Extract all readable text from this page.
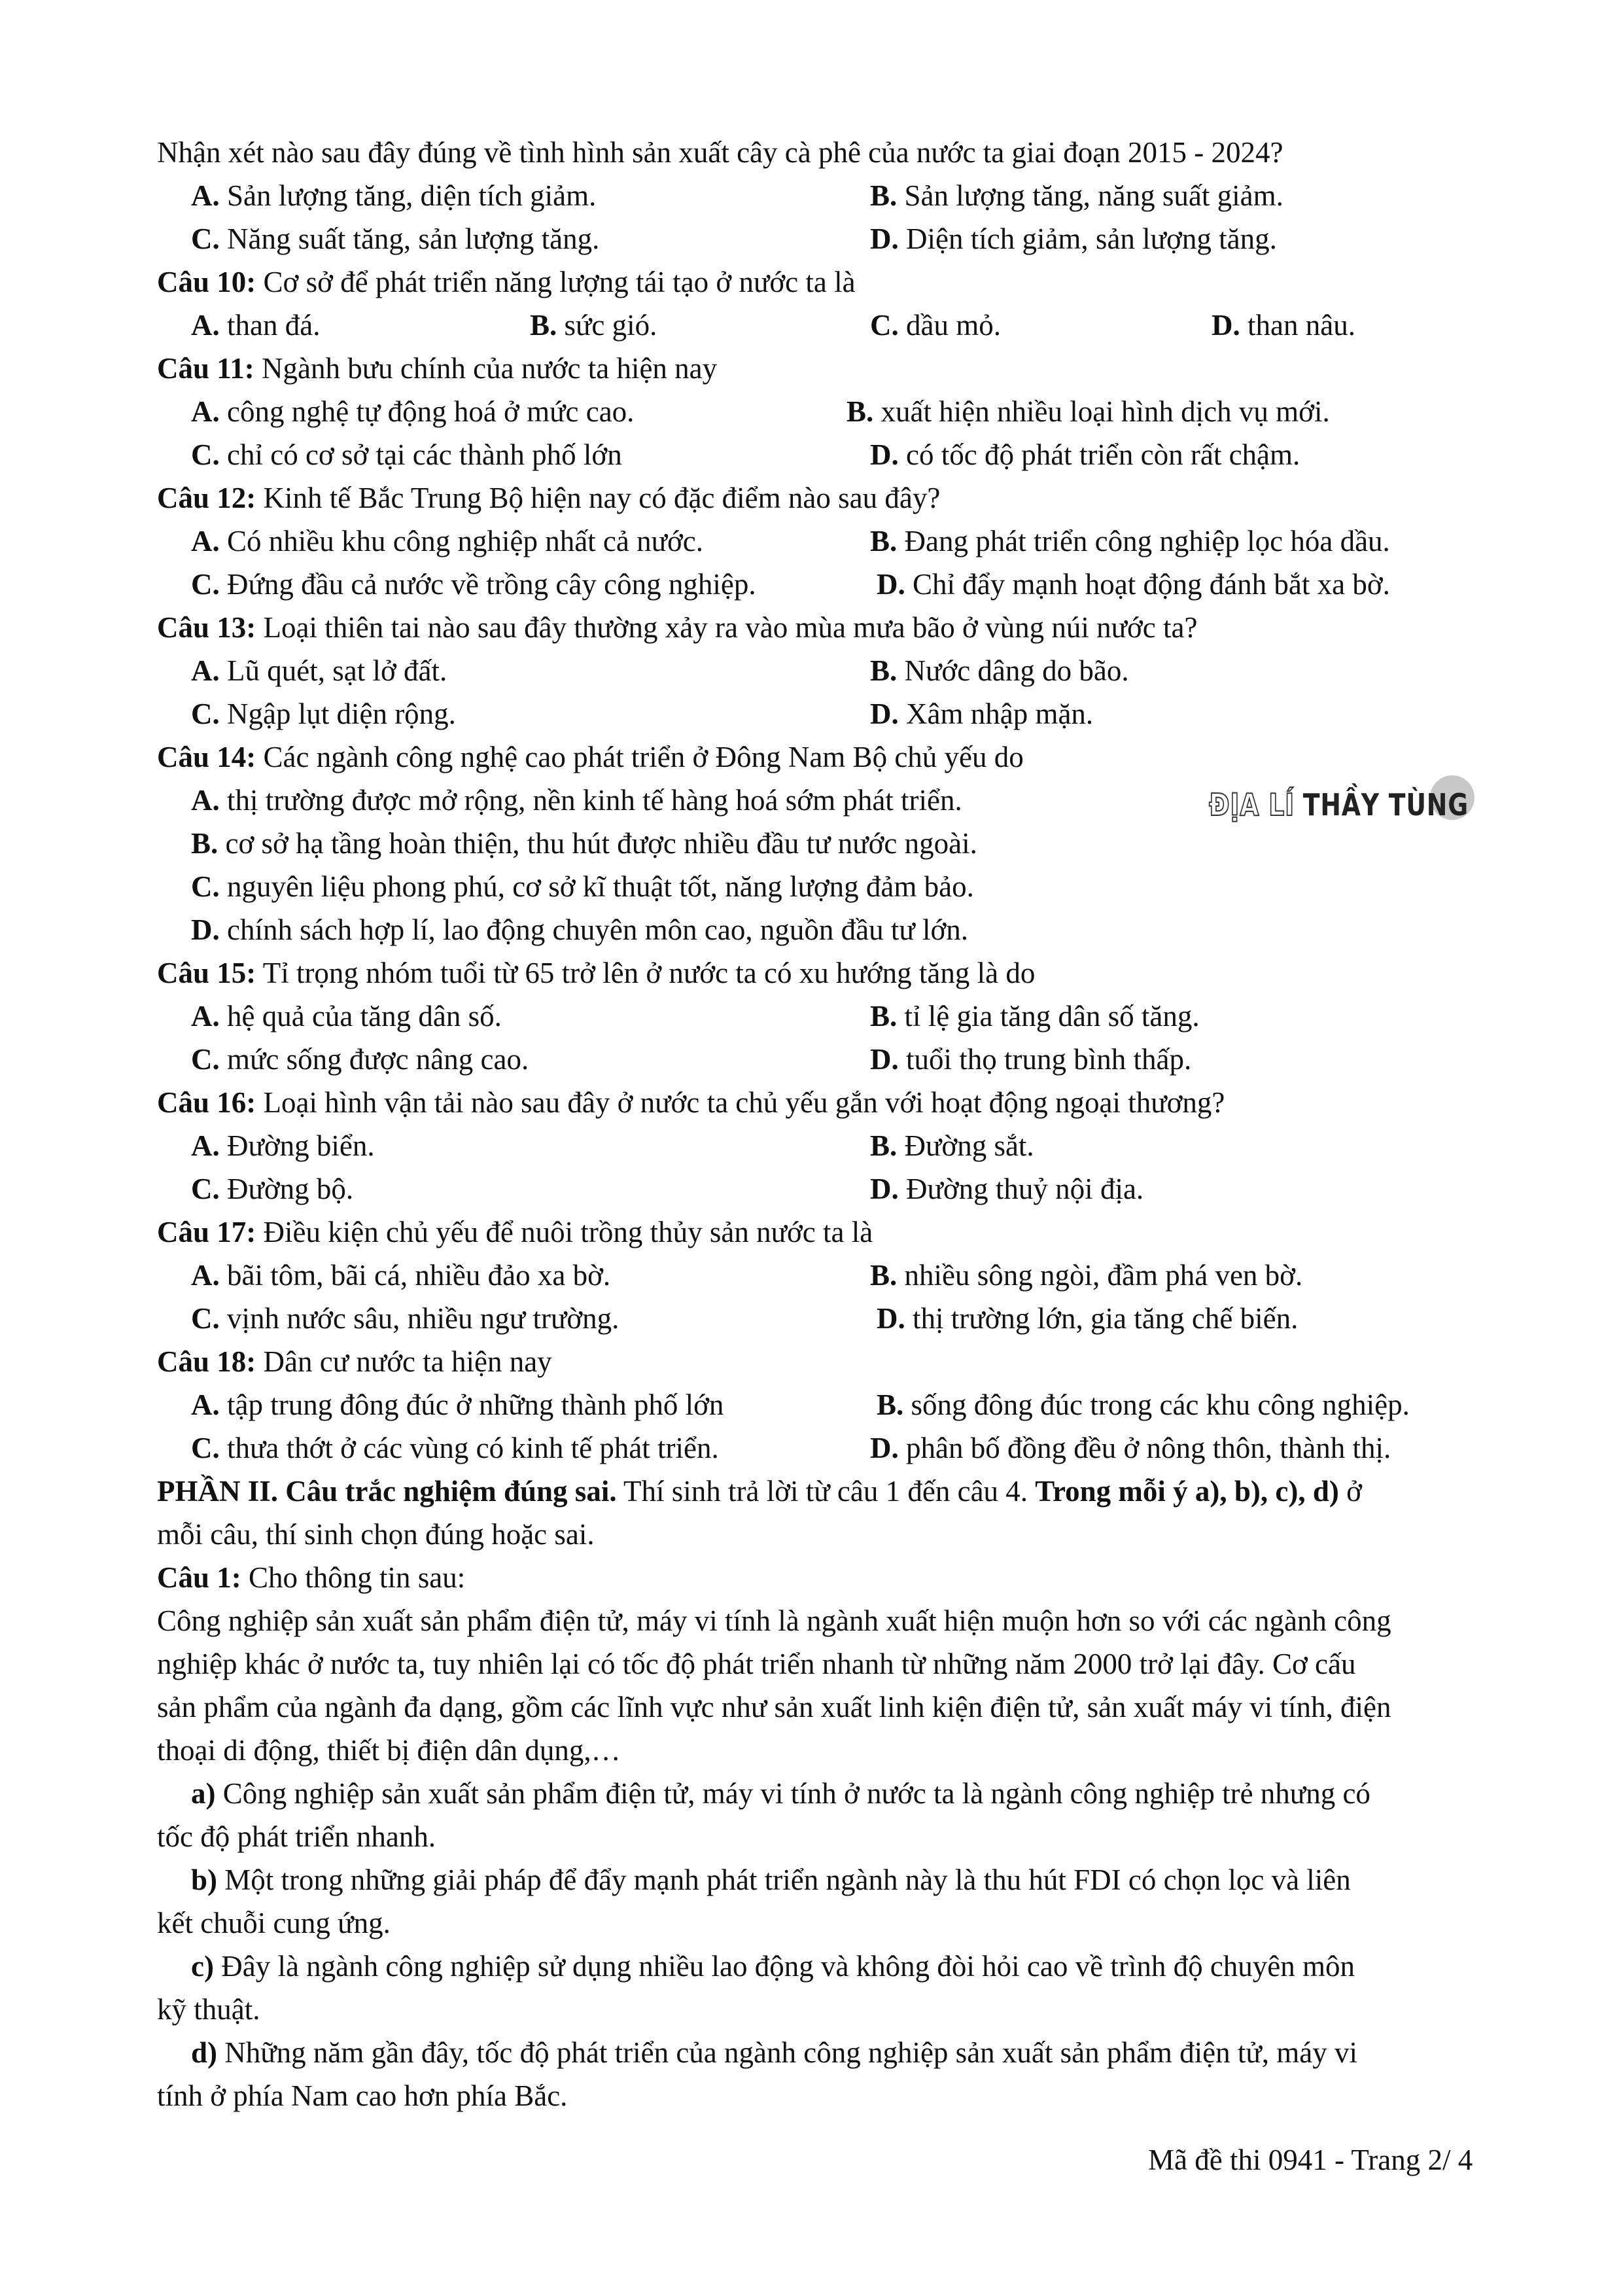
Nhận xét nào sau đây đúng về tình hình sản xuất cây cà phê của nước ta giai đoạn 2015 - 2024?
A. Sản lượng tăng, diện tích giảm.	B. Sản lượng tăng, năng suất giảm.
C. Năng suất tăng, sản lượng tăng.	D. Diện tích giảm, sản lượng tăng.
Câu 10: Cơ sở để phát triển năng lượng tái tạo ở nước ta là
A. than đá.	B. sức gió.	C. dầu mỏ.	D. than nâu.
Câu 11: Ngành bưu chính của nước ta hiện nay
A. công nghệ tự động hoá ở mức cao.	B. xuất hiện nhiều loại hình dịch vụ mới.
C. chỉ có cơ sở tại các thành phố lớn	D. có tốc độ phát triển còn rất chậm.
Câu 12: Kinh tế Bắc Trung Bộ hiện nay có đặc điểm nào sau đây?
A. Có nhiều khu công nghiệp nhất cả nước.	B. Đang phát triển công nghiệp lọc hóa dầu.
C. Đứng đầu cả nước về trồng cây công nghiệp.	D. Chỉ đẩy mạnh hoạt động đánh bắt xa bờ.
Câu 13: Loại thiên tai nào sau đây thường xảy ra vào mùa mưa bão ở vùng núi nước ta?
A. Lũ quét, sạt lở đất.	B. Nước dâng do bão.
C. Ngập lụt diện rộng.	D. Xâm nhập mặn.
Câu 14: Các ngành công nghệ cao phát triển ở Đông Nam Bộ chủ yếu do
A. thị trường được mở rộng, nền kinh tế hàng hoá sớm phát triển.
B. cơ sở hạ tầng hoàn thiện, thu hút được nhiều đầu tư nước ngoài.
C. nguyên liệu phong phú, cơ sở kĩ thuật tốt, năng lượng đảm bảo.
D. chính sách hợp lí, lao động chuyên môn cao, nguồn đầu tư lớn.
ĐỊA LÍ THẦY TÙNG
Câu 15: Tỉ trọng nhóm tuổi từ 65 trở lên ở nước ta có xu hướng tăng là do
A. hệ quả của tăng dân số.	B. tỉ lệ gia tăng dân số tăng.
C. mức sống được nâng cao.	D. tuổi thọ trung bình thấp.
Câu 16: Loại hình vận tải nào sau đây ở nước ta chủ yếu gắn với hoạt động ngoại thương?
A. Đường biển.	B. Đường sắt.
C. Đường bộ.	D. Đường thuỷ nội địa.
Câu 17: Điều kiện chủ yếu để nuôi trồng thủy sản nước ta là
A. bãi tôm, bãi cá, nhiều đảo xa bờ.	B. nhiều sông ngòi, đầm phá ven bờ.
C. vịnh nước sâu, nhiều ngư trường.	D. thị trường lớn, gia tăng chế biến.
Câu 18: Dân cư nước ta hiện nay
A. tập trung đông đúc ở những thành phố lớn	B. sống đông đúc trong các khu công nghiệp.
C. thưa thớt ở các vùng có kinh tế phát triển.	D. phân bố đồng đều ở nông thôn, thành thị.
PHẦN II. Câu trắc nghiệm đúng sai. Thí sinh trả lời từ câu 1 đến câu 4. Trong mỗi ý a), b), c), d) ở
mỗi câu, thí sinh chọn đúng hoặc sai.
Câu 1: Cho thông tin sau:
Công nghiệp sản xuất sản phẩm điện tử, máy vi tính là ngành xuất hiện muộn hơn so với các ngành công
nghiệp khác ở nước ta, tuy nhiên lại có tốc độ phát triển nhanh từ những năm 2000 trở lại đây. Cơ cấu
sản phẩm của ngành đa dạng, gồm các lĩnh vực như sản xuất linh kiện điện tử, sản xuất máy vi tính, điện
thoại di động, thiết bị điện dân dụng,…
a) Công nghiệp sản xuất sản phẩm điện tử, máy vi tính ở nước ta là ngành công nghiệp trẻ nhưng có
tốc độ phát triển nhanh.
b) Một trong những giải pháp để đẩy mạnh phát triển ngành này là thu hút FDI có chọn lọc và liên
kết chuỗi cung ứng.
c) Đây là ngành công nghiệp sử dụng nhiều lao động và không đòi hỏi cao về trình độ chuyên môn
kỹ thuật.
d) Những năm gần đây, tốc độ phát triển của ngành công nghiệp sản xuất sản phẩm điện tử, máy vi
tính ở phía Nam cao hơn phía Bắc.
Mã đề thi 0941 - Trang 2/ 4
